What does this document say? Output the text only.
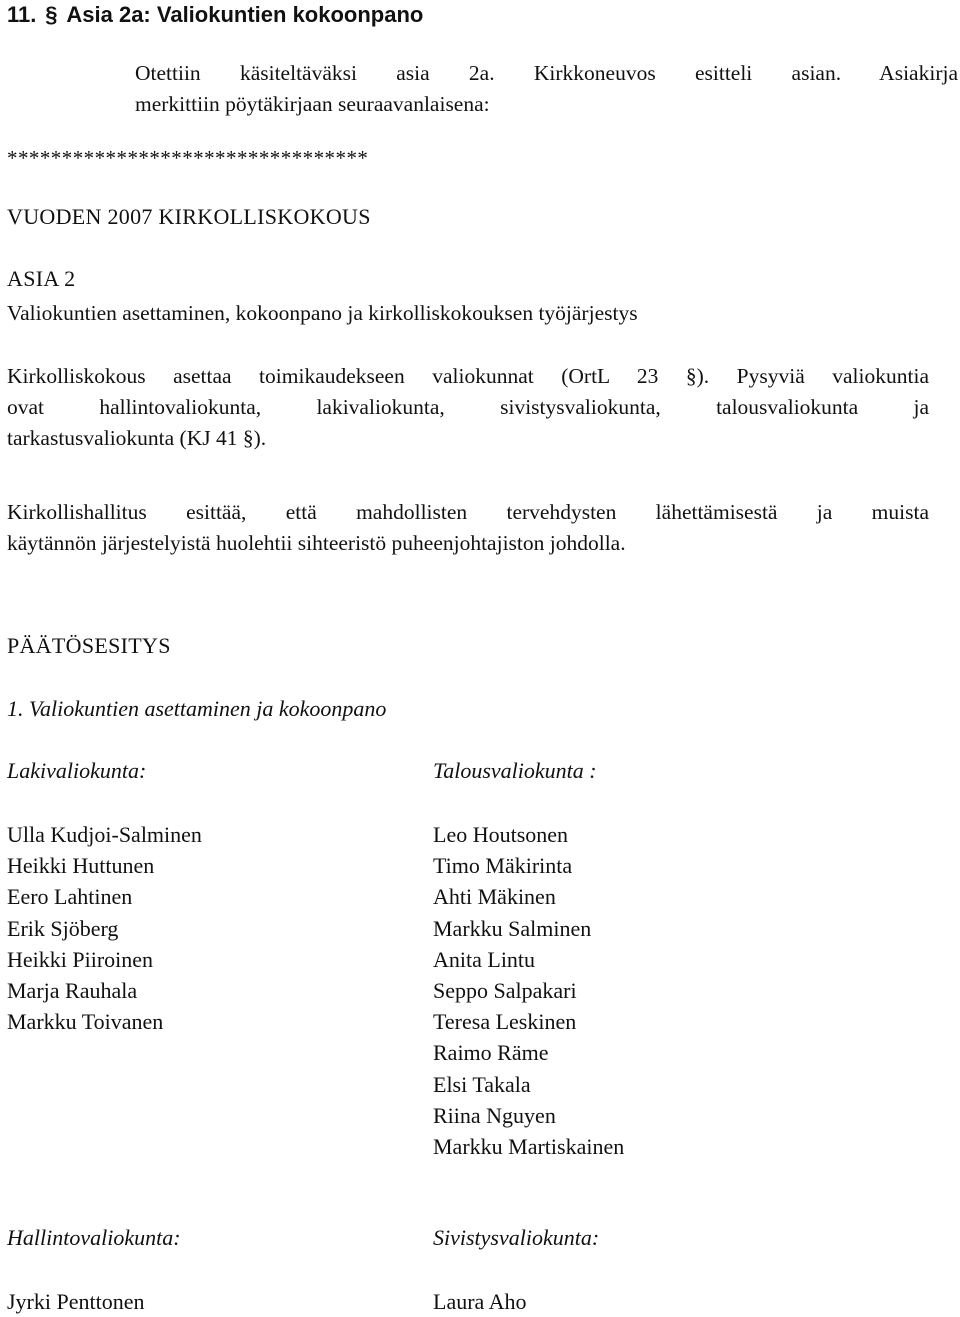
11. § Asia 2a: Valiokuntien kokoonpano
Otettiin käsiteltäväksi asia 2a. Kirkkoneuvos esitteli asian. Asiakirja
merkittiin pöytäkirjaan seuraavanlaisena:
*********************************
VUODEN 2007 KIRKOLLISKOKOUS
ASIA 2
Valiokuntien asettaminen, kokoonpano ja kirkolliskokouksen työjärjestys
Kirkolliskokous asettaa toimikaudekseen valiokunnat (OrtL 23 §). Pysyviä valiokuntia
ovat hallintovaliokunta, lakivaliokunta, sivistysvaliokunta, talousvaliokunta ja
tarkastusvaliokunta (KJ 41 §).
Kirkollishallitus esittää, että mahdollisten tervehdysten lähettämisestä ja muista
käytännön järjestelyistä huolehtii sihteeristö puheenjohtajiston johdolla.
PÄÄTÖSESITYS
1. Valiokuntien asettaminen ja kokoonpano
Lakivaliokunta:
Ulla Kudjoi-Salminen
Heikki Huttunen
Eero Lahtinen
Erik Sjöberg
Heikki Piiroinen
Marja Rauhala
Markku Toivanen
Talousvaliokunta :
Leo Houtsonen
Timo Mäkirinta
Ahti Mäkinen
Markku Salminen
Anita Lintu
Seppo Salpakari
Teresa Leskinen
Raimo Räme
Elsi Takala
Riina Nguyen
Markku Martiskainen
Hallintovaliokunta:
Jyrki Penttonen
Sivistysvaliokunta:
Laura Aho
